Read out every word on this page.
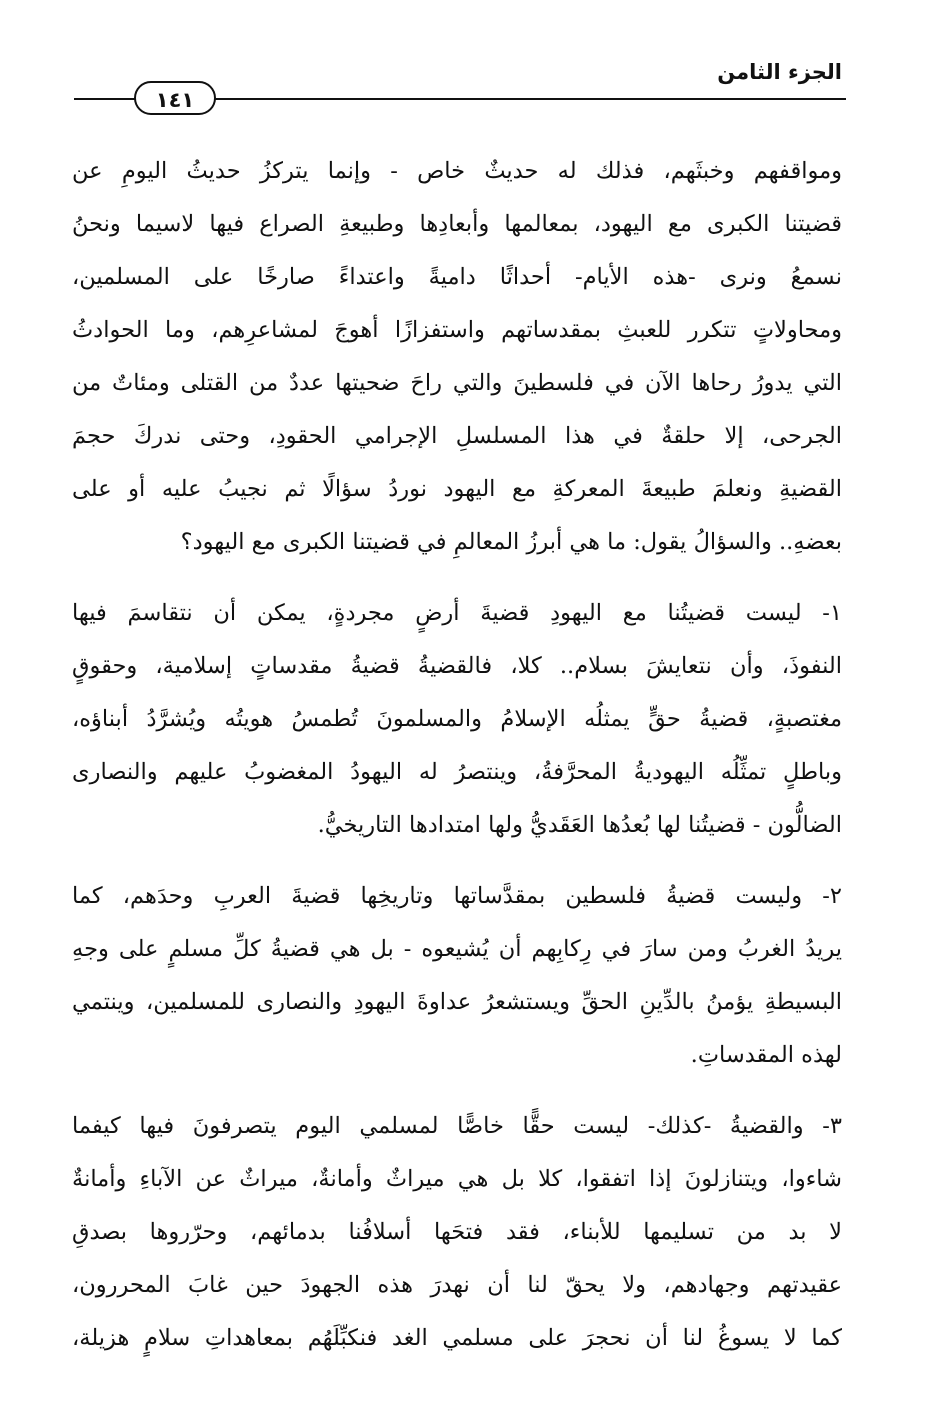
الجزء الثامن
١٤١
ومواقفهم وخبثَهم، فذلك له حديثٌ خاص - وإنما يتركزُ حديثُ اليومِ عن
قضيتنا الكبرى مع اليهود، بمعالمها وأبعادِها وطبيعةِ الصراع فيها لاسيما ونحنُ
نسمعُ ونرى -هذه الأيام- أحداثًا داميةً واعتداءً صارخًا على المسلمين،
ومحاولاتٍ تتكرر للعبثِ بمقدساتهم واستفزازًا أهوجَ لمشاعرِهم، وما الحوادثُ
التي يدورُ رحاها الآن في فلسطينَ والتي راحَ ضحيتها عددٌ من القتلى ومئاتٌ من
الجرحى، إلا حلقةٌ في هذا المسلسلِ الإجرامي الحقودِ، وحتى ندركَ حجمَ
القضيةِ ونعلمَ طبيعةَ المعركةِ مع اليهود نوردُ سؤالًا ثم نجيبُ عليه أو على
بعضهِ.. والسؤالُ يقول: ما هي أبرزُ المعالمِ في قضيتنا الكبرى مع اليهود؟
١- ليست قضيتُنا مع اليهودِ قضيةَ أرضٍ مجردةٍ، يمكن أن نتقاسمَ فيها
النفوذَ، وأن نتعايشَ بسلام.. كلا، فالقضيةُ قضيةُ مقدساتٍ إسلامية، وحقوقٍ
مغتصبةٍ، قضيةُ حقٍّ يمثلُه الإسلامُ والمسلمونَ تُطمسُ هويتُه ويُشرَّدُ أبناؤه،
وباطلٍ تمثِّلُه اليهوديةُ المحرَّفةُ، وينتصرُ له اليهودُ المغضوبُ عليهم والنصارى
الضالُّون - قضيتُنا لها بُعدُها العَقَديُّ ولها امتدادها التاريخيُّ.
٢- وليست قضيةُ فلسطين بمقدَّساتها وتاريخِها قضيةَ العربِ وحدَهم، كما
يريدُ الغربُ ومن سارَ في رِكابِهم أن يُشيعوه - بل هي قضيةُ كلِّ مسلمٍ على وجهِ
البسيطةِ يؤمنُ بالدِّينِ الحقِّ ويستشعرُ عداوةَ اليهودِ والنصارى للمسلمين، وينتمي
لهذه المقدساتِ.
٣- والقضيةُ -كذلك- ليست حقًّا خاصًّا لمسلمي اليوم يتصرفونَ فيها كيفما
شاءوا، ويتنازلونَ إذا اتفقوا، كلا بل هي ميراثٌ وأمانةٌ، ميراثٌ عن الآباءِ وأمانةٌ
لا بد من تسليمها للأبناء، فقد فتحَها أسلافُنا بدمائهم، وحرّروها بصدقِ
عقيدتهم وجهادهم، ولا يحقّ لنا أن نهدرَ هذه الجهودَ حين غابَ المحررون،
كما لا يسوغُ لنا أن نحجرَ على مسلمي الغد فنكبِّلَهُم بمعاهداتِ سلامٍ هزيلة،
